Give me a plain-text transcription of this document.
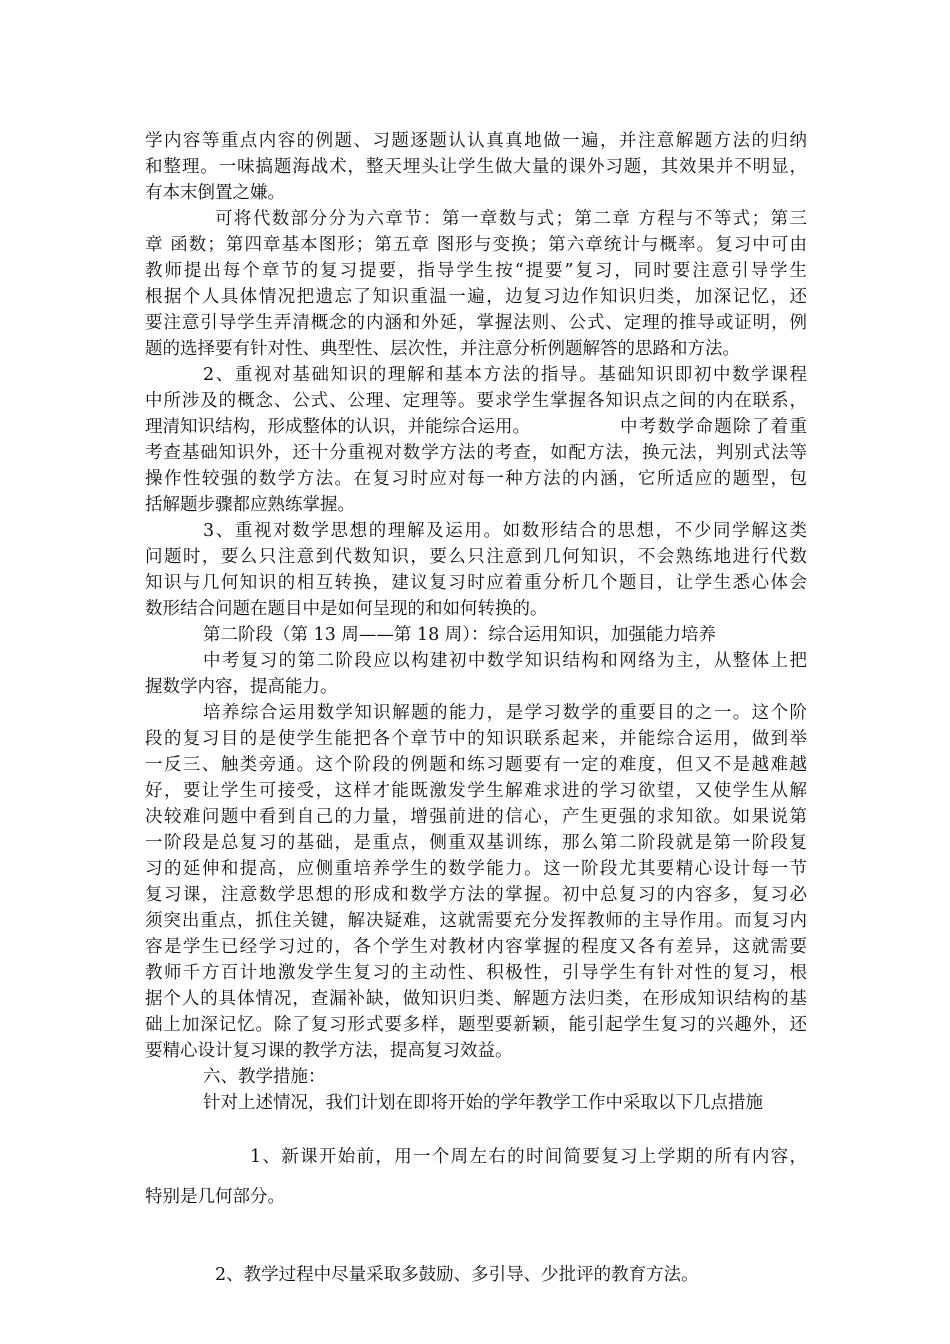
学内容等重点内容的例题、习题逐题认认真真地做一遍，并注意解题方法的归纳
和整理。一味搞题海战术，整天埋头让学生做大量的课外习题，其效果并不明显，
有本末倒置之嫌。
可将代数部分分为六章节：第一章数与式；第二章 方程与不等式；第三
章 函数；第四章基本图形；第五章 图形与变换；第六章统计与概率。复习中可由
教师提出每个章节的复习提要，指导学生按“提要”复习，同时要注意引导学生
根据个人具体情况把遗忘了知识重温一遍，边复习边作知识归类，加深记忆，还
要注意引导学生弄清概念的内涵和外延，掌握法则、公式、定理的推导或证明，例
题的选择要有针对性、典型性、层次性，并注意分析例题解答的思路和方法。
2、重视对基础知识的理解和基本方法的指导。基础知识即初中数学课程
中所涉及的概念、公式、公理、定理等。要求学生掌握各知识点之间的内在联系，
理清知识结构，形成整体的认识，并能综合运用。	中考数学命题除了着重
考查基础知识外，还十分重视对数学方法的考查，如配方法，换元法，判别式法等
操作性较强的数学方法。在复习时应对每一种方法的内涵，它所适应的题型，包
括解题步骤都应熟练掌握。
3、重视对数学思想的理解及运用。如数形结合的思想，不少同学解这类
问题时，要么只注意到代数知识，要么只注意到几何知识，不会熟练地进行代数
知识与几何知识的相互转换，建议复习时应着重分析几个题目，让学生悉心体会
数形结合问题在题目中是如何呈现的和如何转换的。
第二阶段（第 13 周——第 18 周）：综合运用知识，加强能力培养
中考复习的第二阶段应以构建初中数学知识结构和网络为主，从整体上把
握数学内容，提高能力。
培养综合运用数学知识解题的能力，是学习数学的重要目的之一。这个阶
段的复习目的是使学生能把各个章节中的知识联系起来，并能综合运用，做到举
一反三、触类旁通。这个阶段的例题和练习题要有一定的难度，但又不是越难越
好，要让学生可接受，这样才能既激发学生解难求进的学习欲望，又使学生从解
决较难问题中看到自己的力量，增强前进的信心，产生更强的求知欲。如果说第
一阶段是总复习的基础，是重点，侧重双基训练，那么第二阶段就是第一阶段复
习的延伸和提高，应侧重培养学生的数学能力。这一阶段尤其要精心设计每一节
复习课，注意数学思想的形成和数学方法的掌握。初中总复习的内容多，复习必
须突出重点，抓住关键，解决疑难，这就需要充分发挥教师的主导作用。而复习内
容是学生已经学习过的，各个学生对教材内容掌握的程度又各有差异，这就需要
教师千方百计地激发学生复习的主动性、积极性，引导学生有针对性的复习，根
据个人的具体情况，查漏补缺，做知识归类、解题方法归类，在形成知识结构的基
础上加深记忆。除了复习形式要多样，题型要新颖，能引起学生复习的兴趣外，还
要精心设计复习课的教学方法，提高复习效益。
六、教学措施：
针对上述情况，我们计划在即将开始的学年教学工作中采取以下几点措施
1、新课开始前，用一个周左右的时间简要复习上学期的所有内容，
特别是几何部分。
2、教学过程中尽量采取多鼓励、多引导、少批评的教育方法。
